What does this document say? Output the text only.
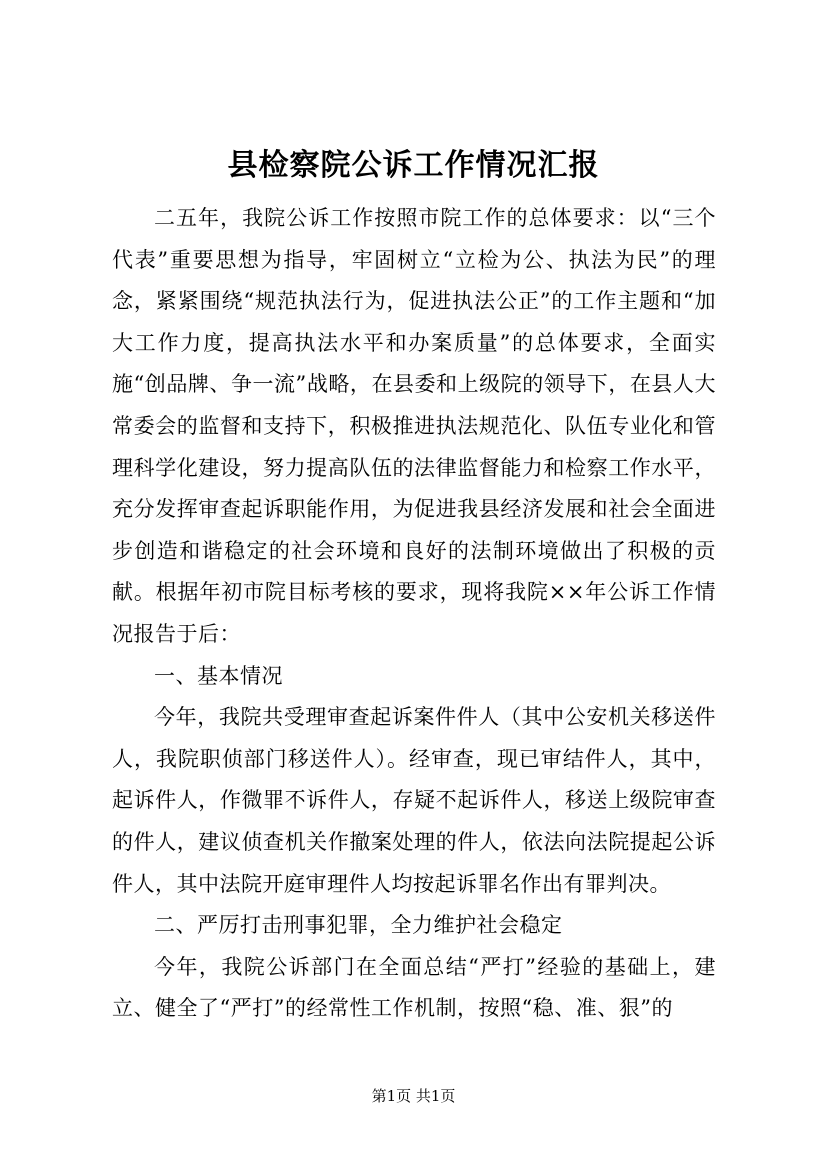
县检察院公诉工作情况汇报

二五年，我院公诉工作按照市院工作的总体要求：以“三个代表”重要思想为指导，牢固树立“立检为公、执法为民”的理念，紧紧围绕“规范执法行为，促进执法公正”的工作主题和“加大工作力度，提高执法水平和办案质量”的总体要求，全面实施“创品牌、争一流”战略，在县委和上级院的领导下，在县人大常委会的监督和支持下，积极推进执法规范化、队伍专业化和管理科学化建设，努力提高队伍的法律监督能力和检察工作水平，充分发挥审查起诉职能作用，为促进我县经济发展和社会全面进步创造和谐稳定的社会环境和良好的法制环境做出了积极的贡献。根据年初市院目标考核的要求，现将我院××年公诉工作情况报告于后：

一、基本情况

今年，我院共受理审查起诉案件件人（其中公安机关移送件人，我院职侦部门移送件人）。经审查，现已审结件人，其中，起诉件人，作微罪不诉件人，存疑不起诉件人，移送上级院审查的件人，建议侦查机关作撤案处理的件人，依法向法院提起公诉件人，其中法院开庭审理件人均按起诉罪名作出有罪判决。

二、严厉打击刑事犯罪，全力维护社会稳定

今年，我院公诉部门在全面总结“严打”经验的基础上，建立、健全了“严打”的经常性工作机制，按照“稳、准、狠”的

第1页 共1页
